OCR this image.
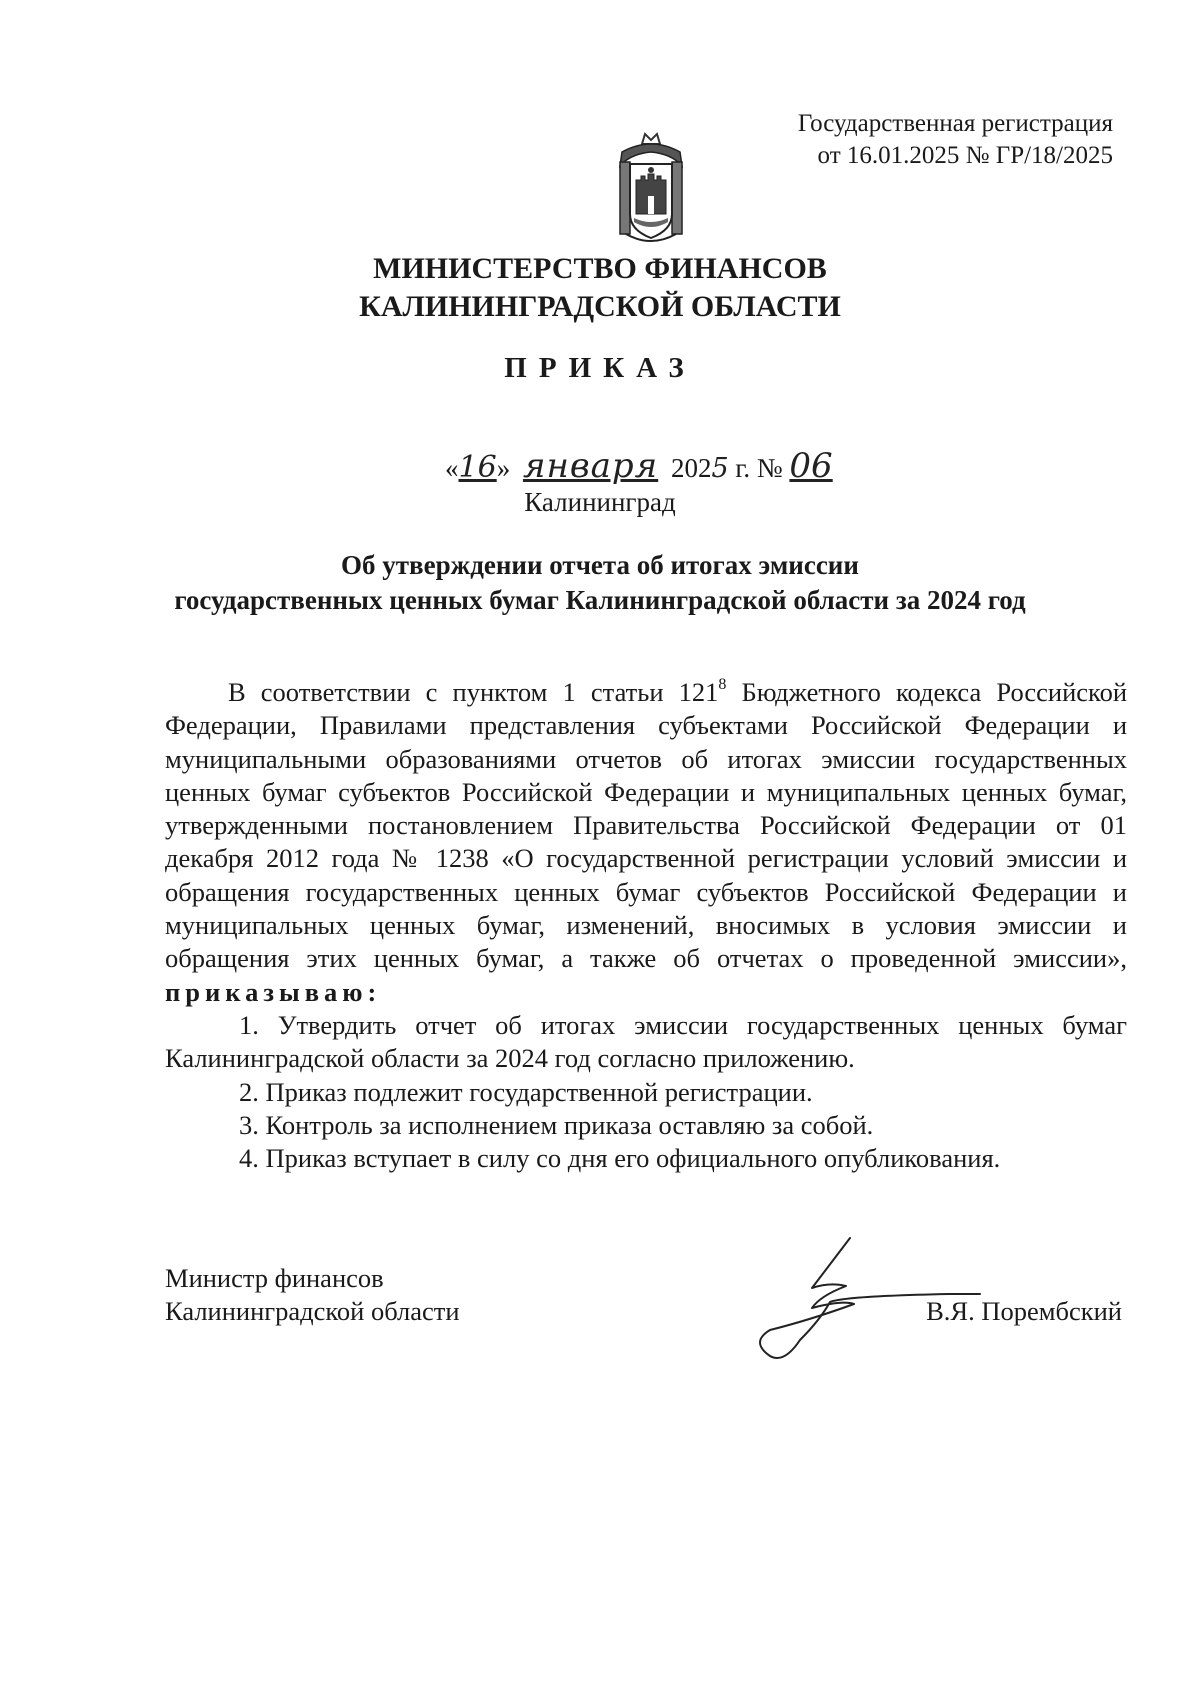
Государственная регистрация
от 16.01.2025 № ГР/18/2025
МИНИСТЕРСТВО ФИНАНСОВ
КАЛИНИНГРАДСКОЙ ОБЛАСТИ
ПРИКАЗ
«16» января 2025 г. № 06
Калининград
Об утверждении отчета об итогах эмиссии
государственных ценных бумаг Калининградской области за 2024 год

В соответствии с пунктом 1 статьи $121^8$ Бюджетного кодекса Российской Федерации, Правилами представления субъектами Российской Федерации и муниципальными образованиями отчетов об итогах эмиссии государственных ценных бумаг субъектов Российской Федерации и муниципальных ценных бумаг, утвержденными постановлением Правительства Российской Федерации от 01 декабря 2012 года № 1238 «О государственной регистрации условий эмиссии и обращения государственных ценных бумаг субъектов Российской Федерации и муниципальных ценных бумаг, изменений, вносимых в условия эмиссии и обращения этих ценных бумаг, а также об отчетах о проведенной эмиссии», приказываю:

1. Утвердить отчет об итогах эмиссии государственных ценных бумаг Калининградской области за 2024 год согласно приложению.

2. Приказ подлежит государственной регистрации.

3. Контроль за исполнением приказа оставляю за собой.

4. Приказ вступает в силу со дня его официального опубликования.

Министр финансов
Калининградской области	В.Я. Порембский
